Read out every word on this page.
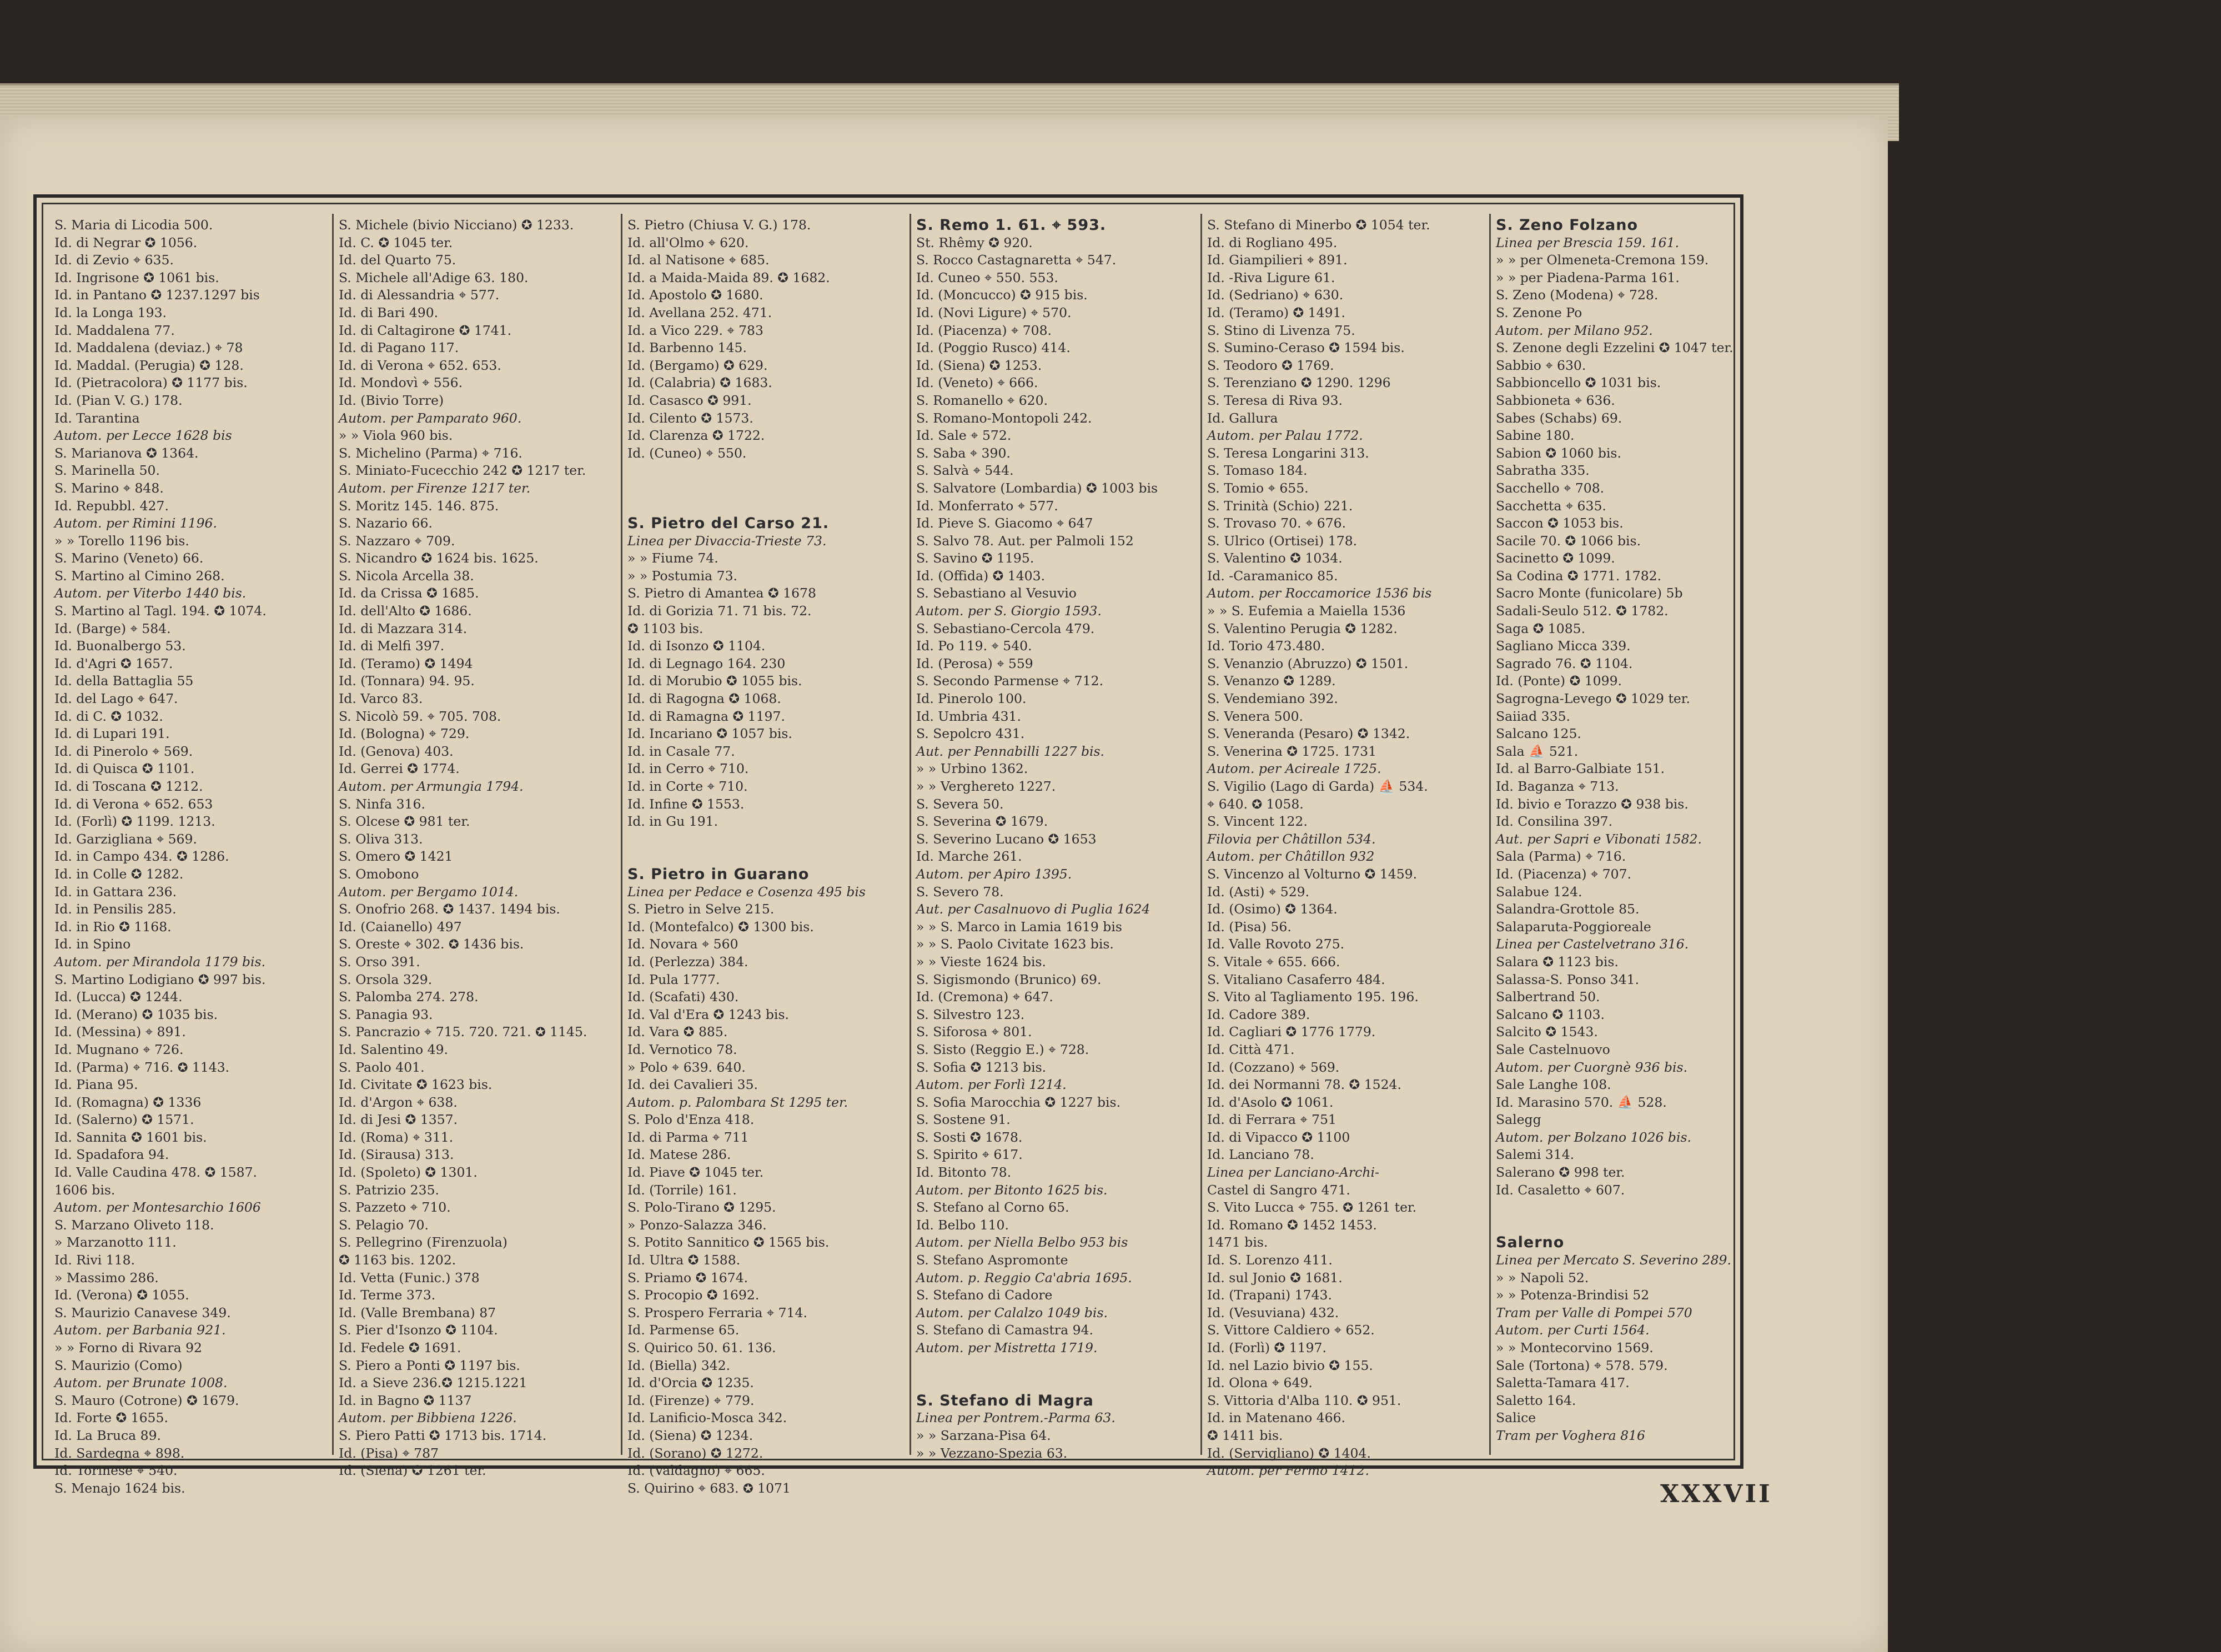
S. Maria di Licodia 500.
Id. di Negrar ✪ 1056.
Id. di Zevio ⌖ 635.
Id. Ingrisone ✪ 1061 bis.
Id. in Pantano ✪ 1237.1297 bis
Id. la Longa 193.
Id. Maddalena 77.
Id. Maddalena (deviaz.) ⌖ 78
Id. Maddal. (Perugia) ✪ 128.
Id. (Pietracolora) ✪ 1177 bis.
Id. (Pian V. G.) 178.
Id. Tarantina
Autom. per Lecce 1628 bis
S. Marianova ✪ 1364.
S. Marinella 50.
S. Marino ⌖ 848.
Id. Repubbl. 427.
Autom. per Rimini 1196.
» » Torello 1196 bis.
S. Marino (Veneto) 66.
S. Martino al Cimino 268.
Autom. per Viterbo 1440 bis.
S. Martino al Tagl. 194. ✪ 1074.
Id. (Barge) ⌖ 584.
Id. Buonalbergo 53.
Id. d'Agri ✪ 1657.
Id. della Battaglia 55
Id. del Lago ⌖ 647.
Id. di C. ✪ 1032.
Id. di Lupari 191.
Id. di Pinerolo ⌖ 569.
Id. di Quisca ✪ 1101.
Id. di Toscana ✪ 1212.
Id. di Verona ⌖ 652. 653
Id. (Forlì) ✪ 1199. 1213.
Id. Garzigliana ⌖ 569.
Id. in Campo 434. ✪ 1286.
Id. in Colle ✪ 1282.
Id. in Gattara 236.
Id. in Pensilis 285.
Id. in Rio ✪ 1168.
Id. in Spino
Autom. per Mirandola 1179 bis.
S. Martino Lodigiano ✪ 997 bis.
Id. (Lucca) ✪ 1244.
Id. (Merano) ✪ 1035 bis.
Id. (Messina) ⌖ 891.
Id. Mugnano ⌖ 726.
Id. (Parma) ⌖ 716. ✪ 1143.
Id. Piana 95.
Id. (Romagna) ✪ 1336
Id. (Salerno) ✪ 1571.
Id. Sannita ✪ 1601 bis.
Id. Spadafora 94.
Id. Valle Caudina 478. ✪ 1587.
1606 bis.
Autom. per Montesarchio 1606
S. Marzano Oliveto 118.
» Marzanotto 111.
Id. Rivi 118.
» Massimo 286.
Id. (Verona) ✪ 1055.
S. Maurizio Canavese 349.
Autom. per Barbania 921.
» » Forno di Rivara 92
S. Maurizio (Como)
Autom. per Brunate 1008.
S. Mauro (Cotrone) ✪ 1679.
Id. Forte ✪ 1655.
Id. La Bruca 89.
Id. Sardegna ⌖ 898.
Id. Torinese ⌖ 540.
S. Menajo 1624 bis.
S. Michele (bivio Nicciano) ✪ 1233.
Id. C. ✪ 1045 ter.
Id. del Quarto 75.
S. Michele all'Adige 63. 180.
Id. di Alessandria ⌖ 577.
Id. di Bari 490.
Id. di Caltagirone ✪ 1741.
Id. di Pagano 117.
Id. di Verona ⌖ 652. 653.
Id. Mondovì ⌖ 556.
Id. (Bivio Torre)
Autom. per Pamparato 960.
» » Viola 960 bis.
S. Michelino (Parma) ⌖ 716.
S. Miniato-Fucecchio 242 ✪ 1217 ter.
Autom. per Firenze 1217 ter.
S. Moritz 145. 146. 875.
S. Nazario 66.
S. Nazzaro ⌖ 709.
S. Nicandro ✪ 1624 bis. 1625.
S. Nicola Arcella 38.
Id. da Crissa ✪ 1685.
Id. dell'Alto ✪ 1686.
Id. di Mazzara 314.
Id. di Melfi 397.
Id. (Teramo) ✪ 1494
Id. (Tonnara) 94. 95.
Id. Varco 83.
S. Nicolò 59. ⌖ 705. 708.
Id. (Bologna) ⌖ 729.
Id. (Genova) 403.
Id. Gerrei ✪ 1774.
Autom. per Armungia 1794.
S. Ninfa 316.
S. Olcese ✪ 981 ter.
S. Oliva 313.
S. Omero ✪ 1421
S. Omobono
Autom. per Bergamo 1014.
S. Onofrio 268. ✪ 1437. 1494 bis.
Id. (Caianello) 497
S. Oreste ⌖ 302. ✪ 1436 bis.
S. Orso 391.
S. Orsola 329.
S. Palomba 274. 278.
S. Panagia 93.
S. Pancrazio ⌖ 715. 720. 721. ✪ 1145.
Id. Salentino 49.
S. Paolo 401.
Id. Civitate ✪ 1623 bis.
Id. d'Argon ⌖ 638.
Id. di Jesi ✪ 1357.
Id. (Roma) ⌖ 311.
Id. (Sirausa) 313.
Id. (Spoleto) ✪ 1301.
S. Patrizio 235.
S. Pazzeto ⌖ 710.
S. Pelagio 70.
S. Pellegrino (Firenzuola)
✪ 1163 bis. 1202.
Id. Vetta (Funic.) 378
Id. Terme 373.
Id. (Valle Brembana) 87
S. Pier d'Isonzo ✪ 1104.
Id. Fedele ✪ 1691.
S. Piero a Ponti ✪ 1197 bis.
Id. a Sieve 236.✪ 1215.1221
Id. in Bagno ✪ 1137
Autom. per Bibbiena 1226.
S. Piero Patti ✪ 1713 bis. 1714.
Id. (Pisa) ⌖ 787
Id. (Siena) ✪ 1261 ter.
S. Pietro (Chiusa V. G.) 178.
Id. all'Olmo ⌖ 620.
Id. al Natisone ⌖ 685.
Id. a Maida-Maida 89. ✪ 1682.
Id. Apostolo ✪ 1680.
Id. Avellana 252. 471.
Id. a Vico 229. ⌖ 783
Id. Barbenno 145.
Id. (Bergamo) ✪ 629.
Id. (Calabria) ✪ 1683.
Id. Casasco ✪ 991.
Id. Cilento ✪ 1573.
Id. Clarenza ✪ 1722.
Id. (Cuneo) ⌖ 550.
S. Pietro del Carso 21.
Linea per Divaccia-Trieste 73.
» » Fiume 74.
» » Postumia 73.
S. Pietro di Amantea ✪ 1678
Id. di Gorizia 71. 71 bis. 72.
✪ 1103 bis.
Id. di Isonzo ✪ 1104.
Id. di Legnago 164. 230
Id. di Morubio ✪ 1055 bis.
Id. di Ragogna ✪ 1068.
Id. di Ramagna ✪ 1197.
Id. Incariano ✪ 1057 bis.
Id. in Casale 77.
Id. in Cerro ⌖ 710.
Id. in Corte ⌖ 710.
Id. Infine ✪ 1553.
Id. in Gu 191.
S. Pietro in Guarano
Linea per Pedace e Cosenza 495 bis
S. Pietro in Selve 215.
Id. (Montefalco) ✪ 1300 bis.
Id. Novara ⌖ 560
Id. (Perlezza) 384.
Id. Pula 1777.
Id. (Scafati) 430.
Id. Val d'Era ✪ 1243 bis.
Id. Vara ✪ 885.
Id. Vernotico 78.
» Polo ⌖ 639. 640.
Id. dei Cavalieri 35.
Autom. p. Palombara St 1295 ter.
S. Polo d'Enza 418.
Id. di Parma ⌖ 711
Id. Matese 286.
Id. Piave ✪ 1045 ter.
Id. (Torrile) 161.
S. Polo-Tirano ✪ 1295.
» Ponzo-Salazza 346.
S. Potito Sannitico ✪ 1565 bis.
Id. Ultra ✪ 1588.
S. Priamo ✪ 1674.
S. Procopio ✪ 1692.
S. Prospero Ferraria ⌖ 714.
Id. Parmense 65.
S. Quirico 50. 61. 136.
Id. (Biella) 342.
Id. d'Orcia ✪ 1235.
Id. (Firenze) ⌖ 779.
Id. Lanificio-Mosca 342.
Id. (Siena) ✪ 1234.
Id. (Sorano) ✪ 1272.
Id. (Valdagno) ⌖ 665.
S. Quirino ⌖ 683. ✪ 1071
S. Remo 1. 61. ⌖ 593.
St. Rhêmy ✪ 920.
S. Rocco Castagnaretta ⌖ 547.
Id. Cuneo ⌖ 550. 553.
Id. (Moncucco) ✪ 915 bis.
Id. (Novi Ligure) ⌖ 570.
Id. (Piacenza) ⌖ 708.
Id. (Poggio Rusco) 414.
Id. (Siena) ✪ 1253.
Id. (Veneto) ⌖ 666.
S. Romanello ⌖ 620.
S. Romano-Montopoli 242.
Id. Sale ⌖ 572.
S. Saba ⌖ 390.
S. Salvà ⌖ 544.
S. Salvatore (Lombardia) ✪ 1003 bis
Id. Monferrato ⌖ 577.
Id. Pieve S. Giacomo ⌖ 647
S. Salvo 78. Aut. per Palmoli 152
S. Savino ✪ 1195.
Id. (Offida) ✪ 1403.
S. Sebastiano al Vesuvio
Autom. per S. Giorgio 1593.
S. Sebastiano-Cercola 479.
Id. Po 119. ⌖ 540.
Id. (Perosa) ⌖ 559
S. Secondo Parmense ⌖ 712.
Id. Pinerolo 100.
Id. Umbria 431.
S. Sepolcro 431.
Aut. per Pennabilli 1227 bis.
» » Urbino 1362.
» » Verghereto 1227.
S. Severa 50.
S. Severina ✪ 1679.
S. Severino Lucano ✪ 1653
Id. Marche 261.
Autom. per Apiro 1395.
S. Severo 78.
Aut. per Casalnuovo di Puglia 1624
» » S. Marco in Lamia 1619 bis
» » S. Paolo Civitate 1623 bis.
» » Vieste 1624 bis.
S. Sigismondo (Brunico) 69.
Id. (Cremona) ⌖ 647.
S. Silvestro 123.
S. Siforosa ⌖ 801.
S. Sisto (Reggio E.) ⌖ 728.
S. Sofia ✪ 1213 bis.
Autom. per Forlì 1214.
S. Sofia Marocchia ✪ 1227 bis.
S. Sostene 91.
S. Sosti ✪ 1678.
S. Spirito ⌖ 617.
Id. Bitonto 78.
Autom. per Bitonto 1625 bis.
S. Stefano al Corno 65.
Id. Belbo 110.
Autom. per Niella Belbo 953 bis
S. Stefano Aspromonte
Autom. p. Reggio Ca'abria 1695.
S. Stefano di Cadore
Autom. per Calalzo 1049 bis.
S. Stefano di Camastra 94.
Autom. per Mistretta 1719.
S. Stefano di Magra
Linea per Pontrem.-Parma 63.
» » Sarzana-Pisa 64.
» » Vezzano-Spezia 63.
S. Stefano di Minerbo ✪ 1054 ter.
Id. di Rogliano 495.
Id. Giampilieri ⌖ 891.
Id. -Riva Ligure 61.
Id. (Sedriano) ⌖ 630.
Id. (Teramo) ✪ 1491.
S. Stino di Livenza 75.
S. Sumino-Ceraso ✪ 1594 bis.
S. Teodoro ✪ 1769.
S. Terenziano ✪ 1290. 1296
S. Teresa di Riva 93.
Id. Gallura
Autom. per Palau 1772.
S. Teresa Longarini 313.
S. Tomaso 184.
S. Tomio ⌖ 655.
S. Trinità (Schio) 221.
S. Trovaso 70. ⌖ 676.
S. Ulrico (Ortisei) 178.
S. Valentino ✪ 1034.
Id. -Caramanico 85.
Autom. per Roccamorice 1536 bis
» » S. Eufemia a Maiella 1536
S. Valentino Perugia ✪ 1282.
Id. Torio 473.480.
S. Venanzio (Abruzzo) ✪ 1501.
S. Venanzo ✪ 1289.
S. Vendemiano 392.
S. Venera 500.
S. Veneranda (Pesaro) ✪ 1342.
S. Venerina ✪ 1725. 1731
Autom. per Acireale 1725.
S. Vigilio (Lago di Garda) ⛵ 534.
⌖ 640. ✪ 1058.
S. Vincent 122.
Filovia per Châtillon 534.
Autom. per Châtillon 932
S. Vincenzo al Volturno ✪ 1459.
Id. (Asti) ⌖ 529.
Id. (Osimo) ✪ 1364.
Id. (Pisa) 56.
Id. Valle Rovoto 275.
S. Vitale ⌖ 655. 666.
S. Vitaliano Casaferro 484.
S. Vito al Tagliamento 195. 196.
Id. Cadore 389.
Id. Cagliari ✪ 1776 1779.
Id. Città 471.
Id. (Cozzano) ⌖ 569.
Id. dei Normanni 78. ✪ 1524.
Id. d'Asolo ✪ 1061.
Id. di Ferrara ⌖ 751
Id. di Vipacco ✪ 1100
Id. Lanciano 78.
Linea per Lanciano-Archi-
Castel di Sangro 471.
S. Vito Lucca ⌖ 755. ✪ 1261 ter.
Id. Romano ✪ 1452 1453.
1471 bis.
Id. S. Lorenzo 411.
Id. sul Jonio ✪ 1681.
Id. (Trapani) 1743.
Id. (Vesuviana) 432.
S. Vittore Caldiero ⌖ 652.
Id. (Forlì) ✪ 1197.
Id. nel Lazio bivio ✪ 155.
Id. Olona ⌖ 649.
S. Vittoria d'Alba 110. ✪ 951.
Id. in Matenano 466.
✪ 1411 bis.
Id. (Serviglianо) ✪ 1404.
Autom. per Fermo 1412.
S. Zeno Folzano
Linea per Brescia 159. 161.
» » per Olmeneta-Cremona 159.
» » per Piadena-Parma 161.
S. Zeno (Modena) ⌖ 728.
S. Zenone Po
Autom. per Milano 952.
S. Zenone degli Ezzelini ✪ 1047 ter.
Sabbio ⌖ 630.
Sabbioncello ✪ 1031 bis.
Sabbioneta ⌖ 636.
Sabes (Schabs) 69.
Sabine 180.
Sabion ✪ 1060 bis.
Sabratha 335.
Sacchello ⌖ 708.
Sacchetta ⌖ 635.
Saccon ✪ 1053 bis.
Sacile 70. ✪ 1066 bis.
Sacinetto ✪ 1099.
Sa Codina ✪ 1771. 1782.
Sacro Monte (funicolare) 5b
Sadali-Seulo 512. ✪ 1782.
Saga ✪ 1085.
Sagliano Micca 339.
Sagrado 76. ✪ 1104.
Id. (Ponte) ✪ 1099.
Sagrogna-Levego ✪ 1029 ter.
Saiiad 335.
Salcano 125.
Sala ⛵ 521.
Id. al Barro-Galbiate 151.
Id. Baganza ⌖ 713.
Id. bivio e Torazzo ✪ 938 bis.
Id. Consilina 397.
Aut. per Sapri e Vibonati 1582.
Sala (Parma) ⌖ 716.
Id. (Piacenza) ⌖ 707.
Salabue 124.
Salandra-Grottole 85.
Salaparuta-Poggioreale
Linea per Castelvetrano 316.
Salara ✪ 1123 bis.
Salassa-S. Ponso 341.
Salbertrand 50.
Salcano ✪ 1103.
Salcito ✪ 1543.
Sale Castelnuovo
Autom. per Cuorgnè 936 bis.
Sale Langhe 108.
Id. Marasino 570. ⛵ 528.
Salegg
Autom. per Bolzano 1026 bis.
Salemi 314.
Salerano ✪ 998 ter.
Id. Casaletto ⌖ 607.
Salerno
Linea per Mercato S. Severino 289.
» » Napoli 52.
» » Potenza-Brindisi 52
Tram per Valle di Pompei 570
Autom. per Curti 1564.
» » Montecorvino 1569.
Sale (Tortona) ⌖ 578. 579.
Saletta-Tamara 417.
Saletto 164.
Salice
Tram per Voghera 816
XXXVII
